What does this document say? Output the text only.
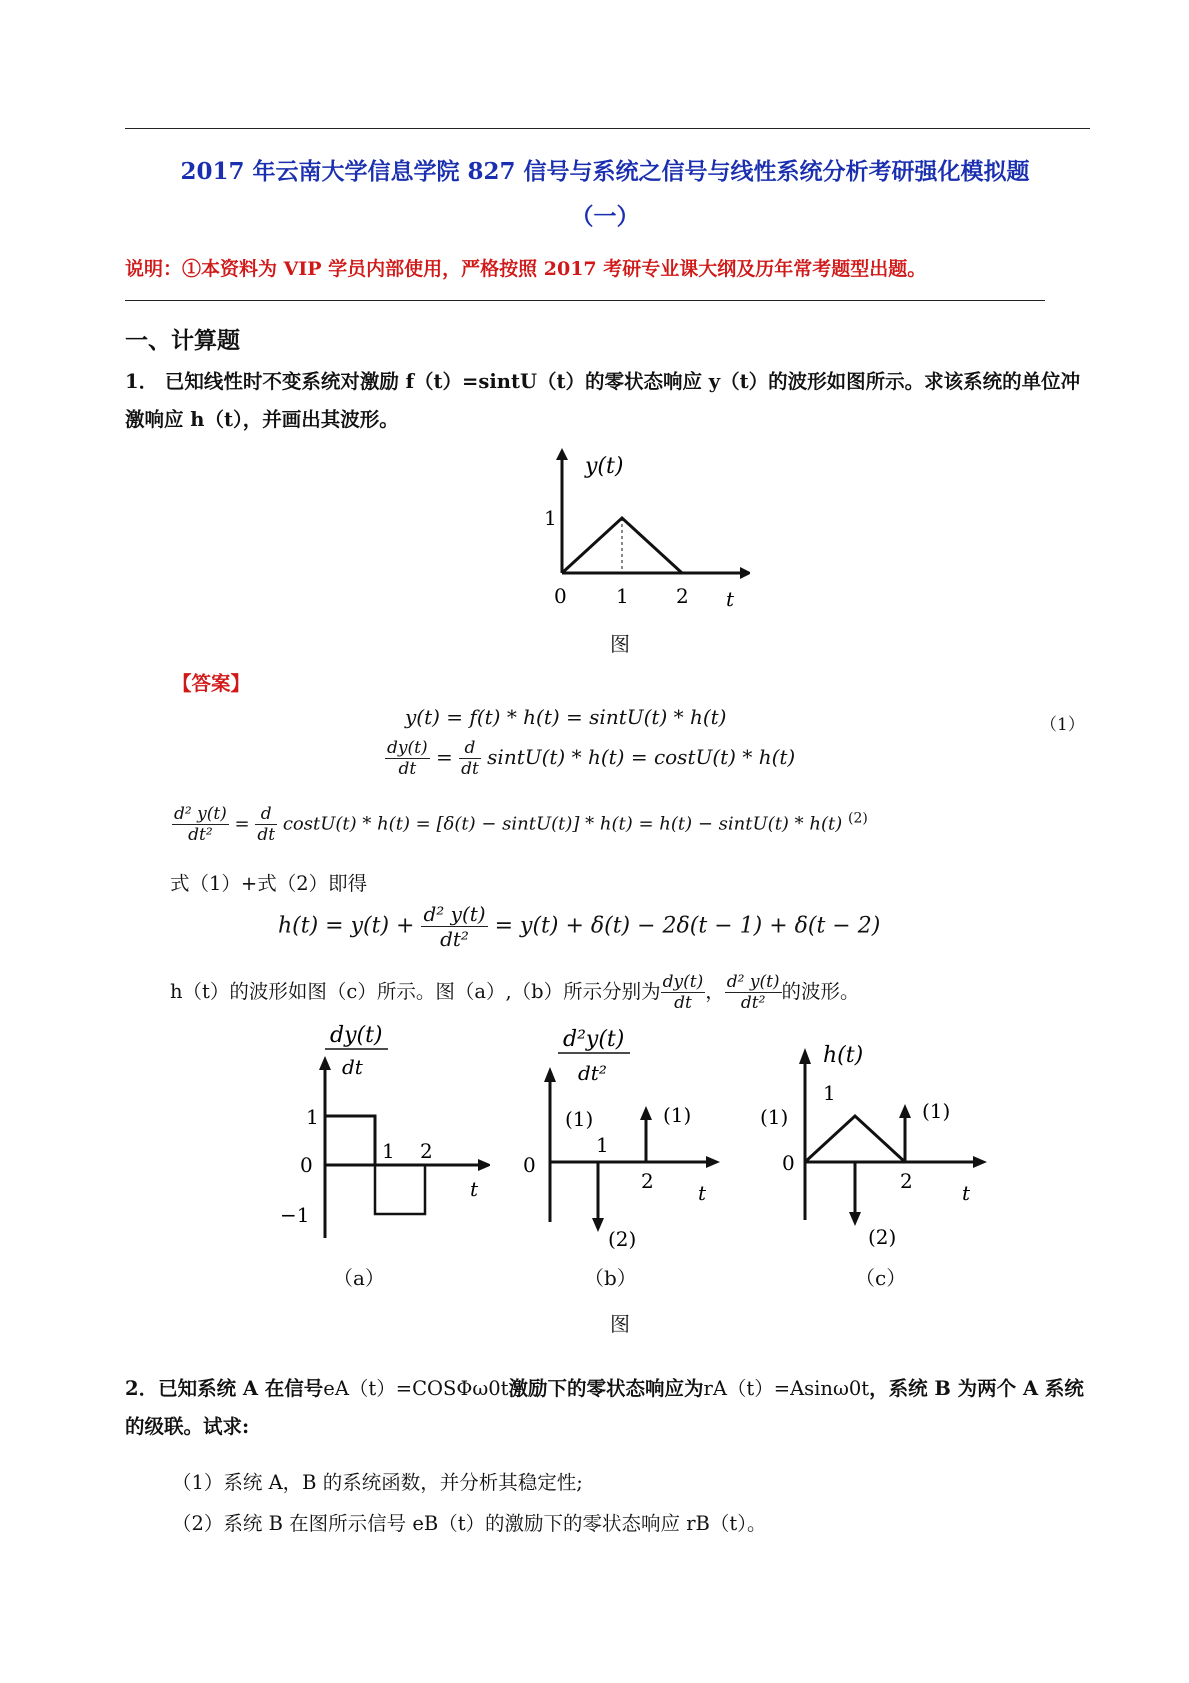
2017 年云南大学信息学院 827 信号与系统之信号与线性系统分析考研强化模拟题
（一）
说明：①本资料为 VIP 学员内部使用，严格按照 2017 考研专业课大纲及历年常考题型出题。
一、计算题
1． 已知线性时不变系统对激励 f（t）=sintU（t）的零状态响应 y（t）的波形如图所示。求该系统的单位冲激响应 h（t），并画出其波形。
y(t)
1
0 1 2 t
图
【答案】
y(t) = f(t) * h(t) = sintU(t) * h(t)	（1）
$\frac{dy(t)}{dt} = \frac{d}{dt}$ sintU(t) * h(t) = costU(t) * h(t)
$\frac{\text{d² y(t)}}{\text{dt²}} = \frac{d}{dt}$ costU(t) * h(t) = [δ(t) − sintU(t)] * h(t) = h(t) − sintU(t) * h(t) $^{(2)}$
式（1）+式（2）即得
$h(t) = y(t) + \frac{\text{d² y(t)}}{\text{dt²}} = y(t) + \delta(t) - 2\delta(t - 1) + \delta(t - 2)$
h（t）的波形如图（c）所示。图（a）,（b）所示分别为 $\frac{dy(t)}{dt}$ ， $\frac{\text{d² y(t)}}{\text{dt²}}$ 的波形。
dy(t)
dt
1
0
−1
1 2
t
（a）
d²y(t)
dt²
(1)
1
(1)
2
(2)
0
t
（b）
h(t)
1
(1)	(1)
0
2
(2)
t
（c）
图
2．已知系统 A 在信号eA（t）=COSΦω0t激励下的零状态响应为rA（t）=Asinω0t，系统 B 为两个 A 系统的级联。试求:
（1）系统 A，B 的系统函数，并分析其稳定性;
（2）系统 B 在图所示信号 eB（t）的激励下的零状态响应 rB（t）。
